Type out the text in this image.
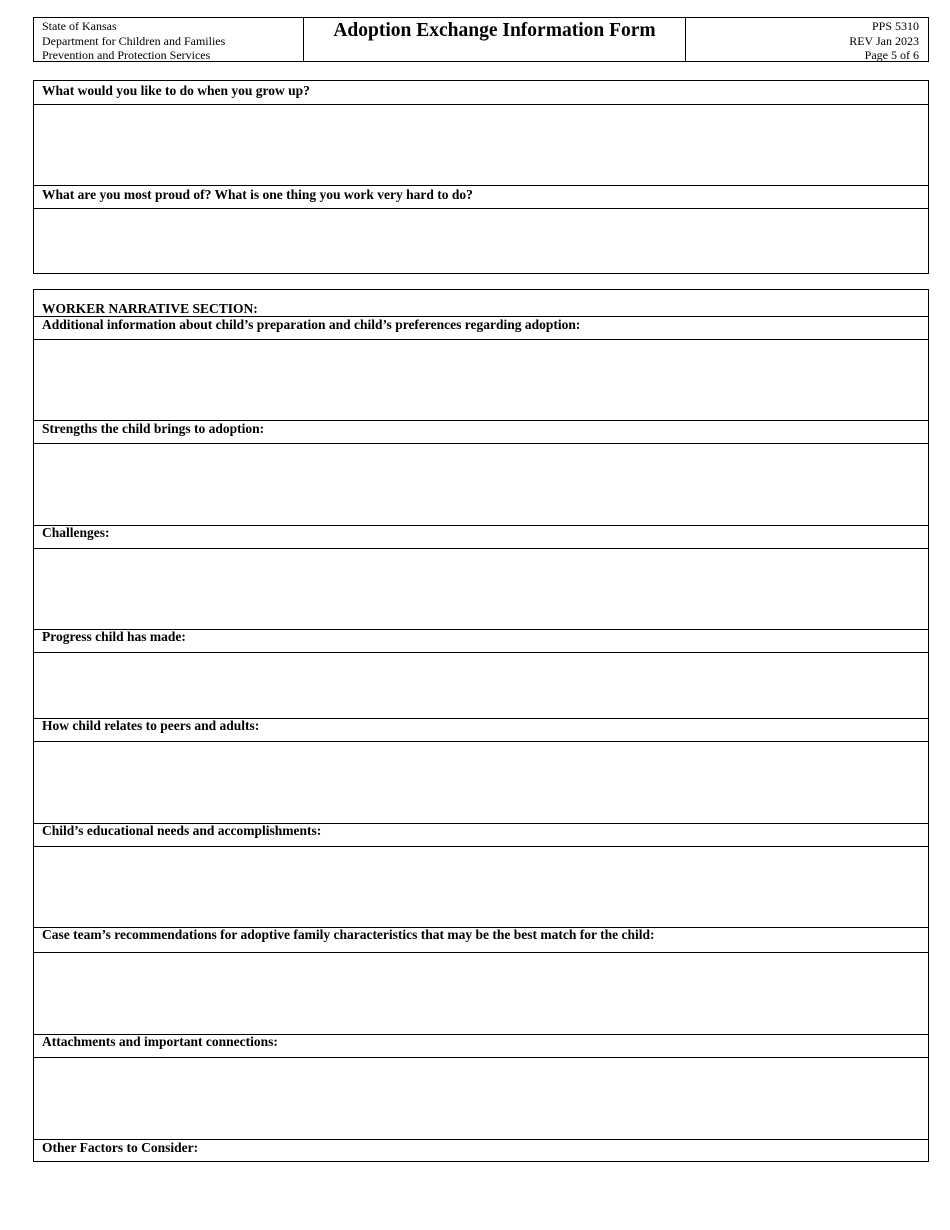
State of Kansas
Department for Children and Families
Prevention and Protection Services
Adoption Exchange Information Form	PPS 5310
REV Jan 2023
Page 5 of 6
What would you like to do when you grow up?
What are you most proud of? What is one thing you work very hard to do?
WORKER NARRATIVE SECTION:
Additional information about child’s preparation and child’s preferences regarding adoption:
Strengths the child brings to adoption:
Challenges:
Progress child has made:
How child relates to peers and adults:
Child’s educational needs and accomplishments:
Case team’s recommendations for adoptive family characteristics that may be the best match for the child:
Attachments and important connections:
Other Factors to Consider:
